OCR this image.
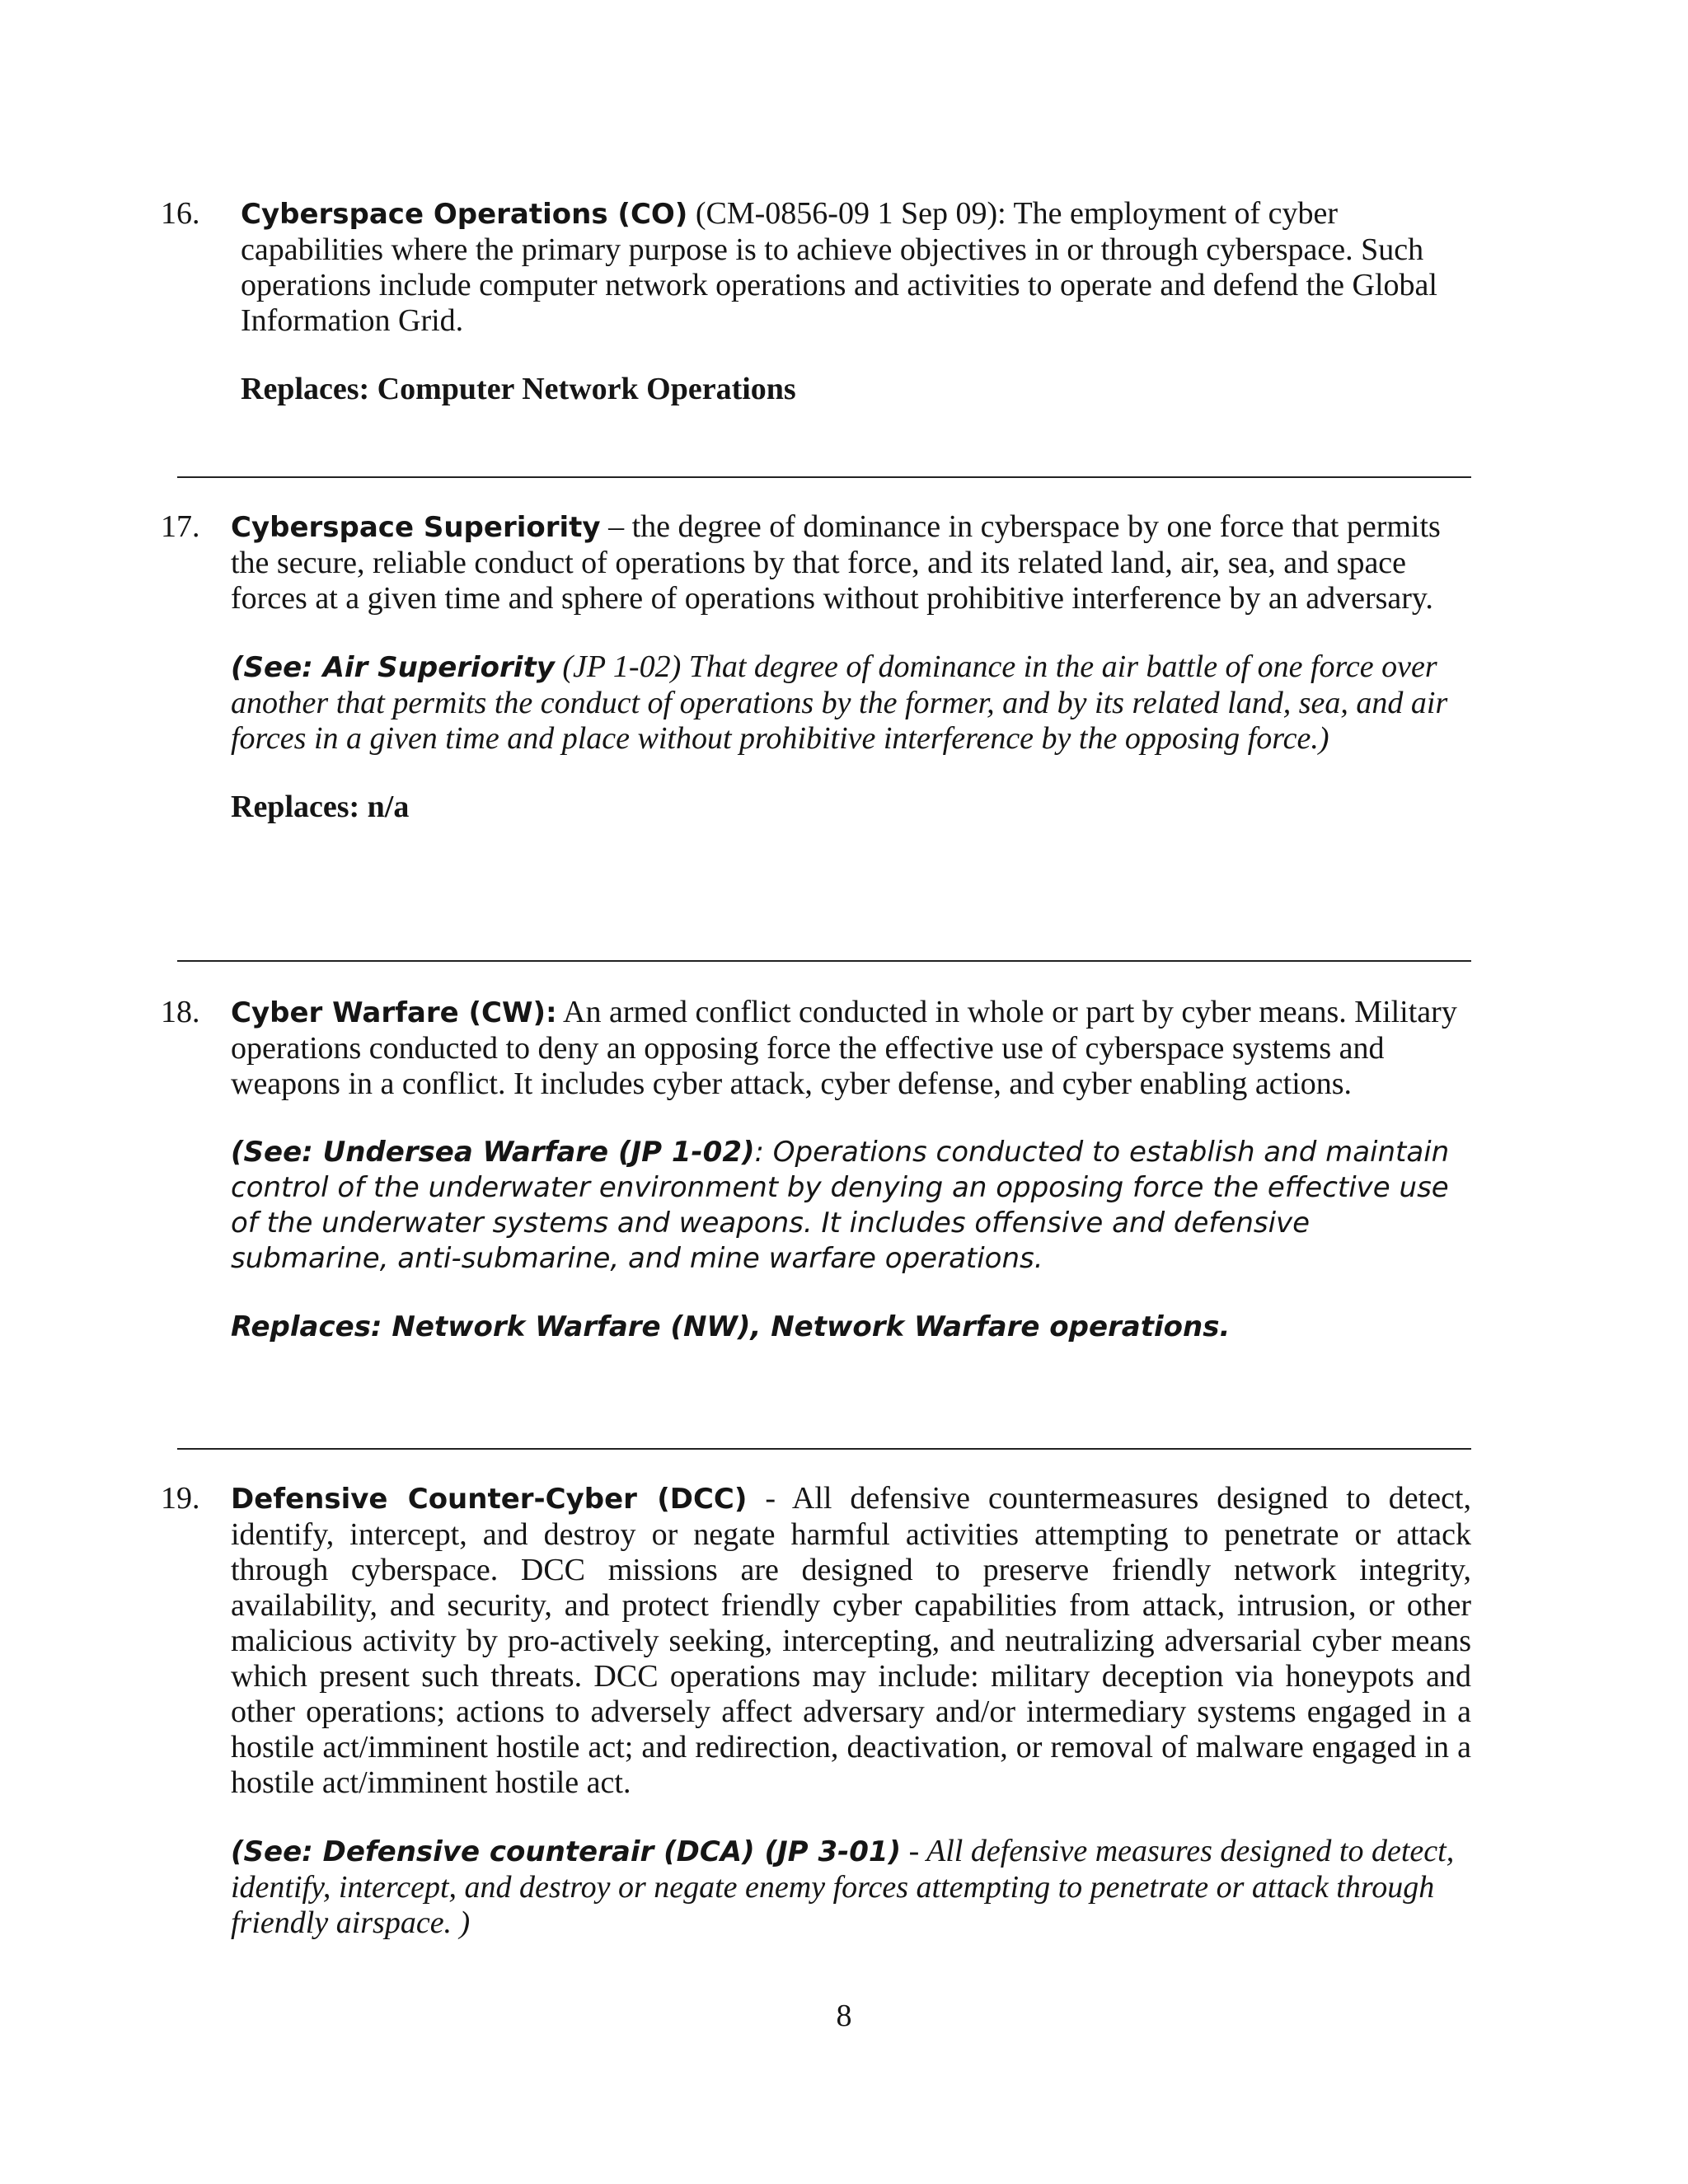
16. Cyberspace Operations (CO) (CM-0856-09 1 Sep 09): The employment of cyber capabilities where the primary purpose is to achieve objectives in or through cyberspace. Such operations include computer network operations and activities to operate and defend the Global Information Grid.

Replaces: Computer Network Operations

17. Cyberspace Superiority – the degree of dominance in cyberspace by one force that permits the secure, reliable conduct of operations by that force, and its related land, air, sea, and space forces at a given time and sphere of operations without prohibitive interference by an adversary.

(See: Air Superiority (JP 1-02) That degree of dominance in the air battle of one force over another that permits the conduct of operations by the former, and by its related land, sea, and air forces in a given time and place without prohibitive interference by the opposing force.)

Replaces: n/a

18. Cyber Warfare (CW): An armed conflict conducted in whole or part by cyber means. Military operations conducted to deny an opposing force the effective use of cyberspace systems and weapons in a conflict. It includes cyber attack, cyber defense, and cyber enabling actions.

(See: Undersea Warfare (JP 1-02): Operations conducted to establish and maintain control of the underwater environment by denying an opposing force the effective use of the underwater systems and weapons. It includes offensive and defensive submarine, anti-submarine, and mine warfare operations.

Replaces: Network Warfare (NW), Network Warfare operations.

19. Defensive Counter-Cyber (DCC) - All defensive countermeasures designed to detect, identify, intercept, and destroy or negate harmful activities attempting to penetrate or attack through cyberspace. DCC missions are designed to preserve friendly network integrity, availability, and security, and protect friendly cyber capabilities from attack, intrusion, or other malicious activity by pro-actively seeking, intercepting, and neutralizing adversarial cyber means which present such threats. DCC operations may include: military deception via honeypots and other operations; actions to adversely affect adversary and/or intermediary systems engaged in a hostile act/imminent hostile act; and redirection, deactivation, or removal of malware engaged in a hostile act/imminent hostile act.

(See: Defensive counterair (DCA) (JP 3-01) - All defensive measures designed to detect, identify, intercept, and destroy or negate enemy forces attempting to penetrate or attack through friendly airspace. )

8
